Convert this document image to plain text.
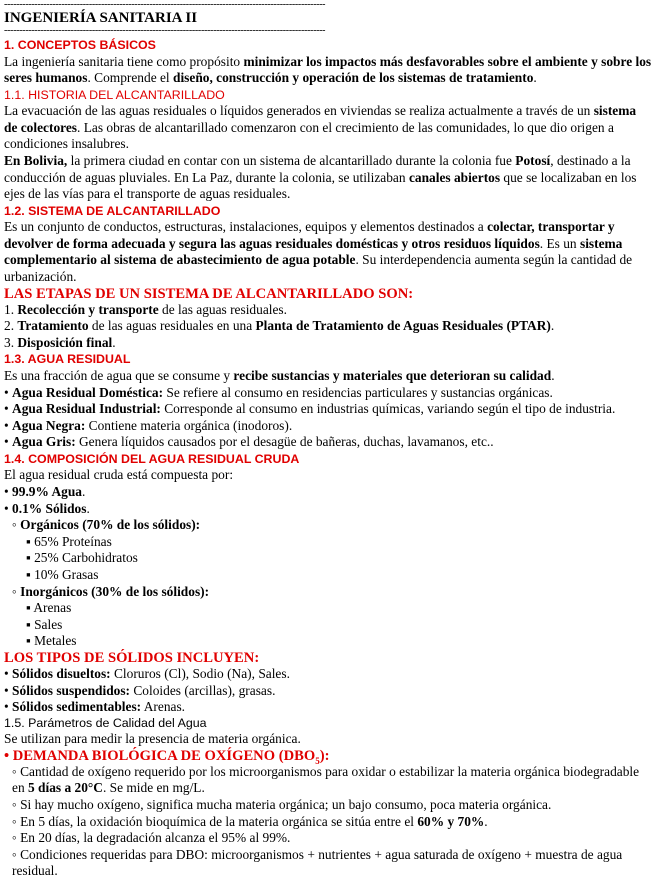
----------------------------------------------------------------------------------------------------------
INGENIERÍA SANITARIA II
----------------------------------------------------------------------------------------------------------
1. CONCEPTOS BÁSICOS

La ingeniería sanitaria tiene como propósito minimizar los impactos más desfavorables sobre el ambiente y sobre los seres humanos. Comprende el diseño, construcción y operación de los sistemas de tratamiento.

1.1. HISTORIA DEL ALCANTARILLADO

La evacuación de las aguas residuales o líquidos generados en viviendas se realiza actualmente a través de un sistema de colectores. Las obras de alcantarillado comenzaron con el crecimiento de las comunidades, lo que dio origen a condiciones insalubres.

En Bolivia, la primera ciudad en contar con un sistema de alcantarillado durante la colonia fue Potosí, destinado a la conducción de aguas pluviales. En La Paz, durante la colonia, se utilizaban canales abiertos que se localizaban en los ejes de las vías para el transporte de aguas residuales.

1.2. SISTEMA DE ALCANTARILLADO

Es un conjunto de conductos, estructuras, instalaciones, equipos y elementos destinados a colectar, transportar y devolver de forma adecuada y segura las aguas residuales domésticas y otros residuos líquidos. Es un sistema complementario al sistema de abastecimiento de agua potable. Su interdependencia aumenta según la cantidad de urbanización.

LAS ETAPAS DE UN SISTEMA DE ALCANTARILLADO SON:

1. Recolección y transporte de las aguas residuales.

2. Tratamiento de las aguas residuales en una Planta de Tratamiento de Aguas Residuales (PTAR).

3. Disposición final.

1.3. AGUA RESIDUAL

Es una fracción de agua que se consume y recibe sustancias y materiales que deterioran su calidad.

• Agua Residual Doméstica: Se refiere al consumo en residencias particulares y sustancias orgánicas.

• Agua Residual Industrial: Corresponde al consumo en industrias químicas, variando según el tipo de industria.

• Agua Negra: Contiene materia orgánica (inodoros).

• Agua Gris: Genera líquidos causados por el desagüe de bañeras, duchas, lavamanos, etc..

1.4. COMPOSICIÓN DEL AGUA RESIDUAL CRUDA

El agua residual cruda está compuesta por:

• 99.9% Agua.

• 0.1% Sólidos.

◦ Orgánicos (70% de los sólidos):

▪ 65% Proteínas

▪ 25% Carbohidratos

▪ 10% Grasas

◦ Inorgánicos (30% de los sólidos):

▪ Arenas

▪ Sales

▪ Metales

LOS TIPOS DE SÓLIDOS INCLUYEN:

• Sólidos disueltos: Cloruros (Cl), Sodio (Na), Sales.

• Sólidos suspendidos: Coloides (arcillas), grasas.

• Sólidos sedimentables: Arenas.

1.5. Parámetros de Calidad del Agua

Se utilizan para medir la presencia de materia orgánica.

• DEMANDA BIOLÓGICA DE OXÍGENO $(DBO_5)$:

◦ Cantidad de oxígeno requerido por los microorganismos para oxidar o estabilizar la materia orgánica biodegradable en 5 días a 20°C. Se mide en mg/L.

◦ Si hay mucho oxígeno, significa mucha materia orgánica; un bajo consumo, poca materia orgánica.

◦ En 5 días, la oxidación bioquímica de la materia orgánica se sitúa entre el 60% y 70%.

◦ En 20 días, la degradación alcanza el 95% al 99%.

◦ Condiciones requeridas para DBO: microorganismos + nutrientes + agua saturada de oxígeno + muestra de agua residual.
